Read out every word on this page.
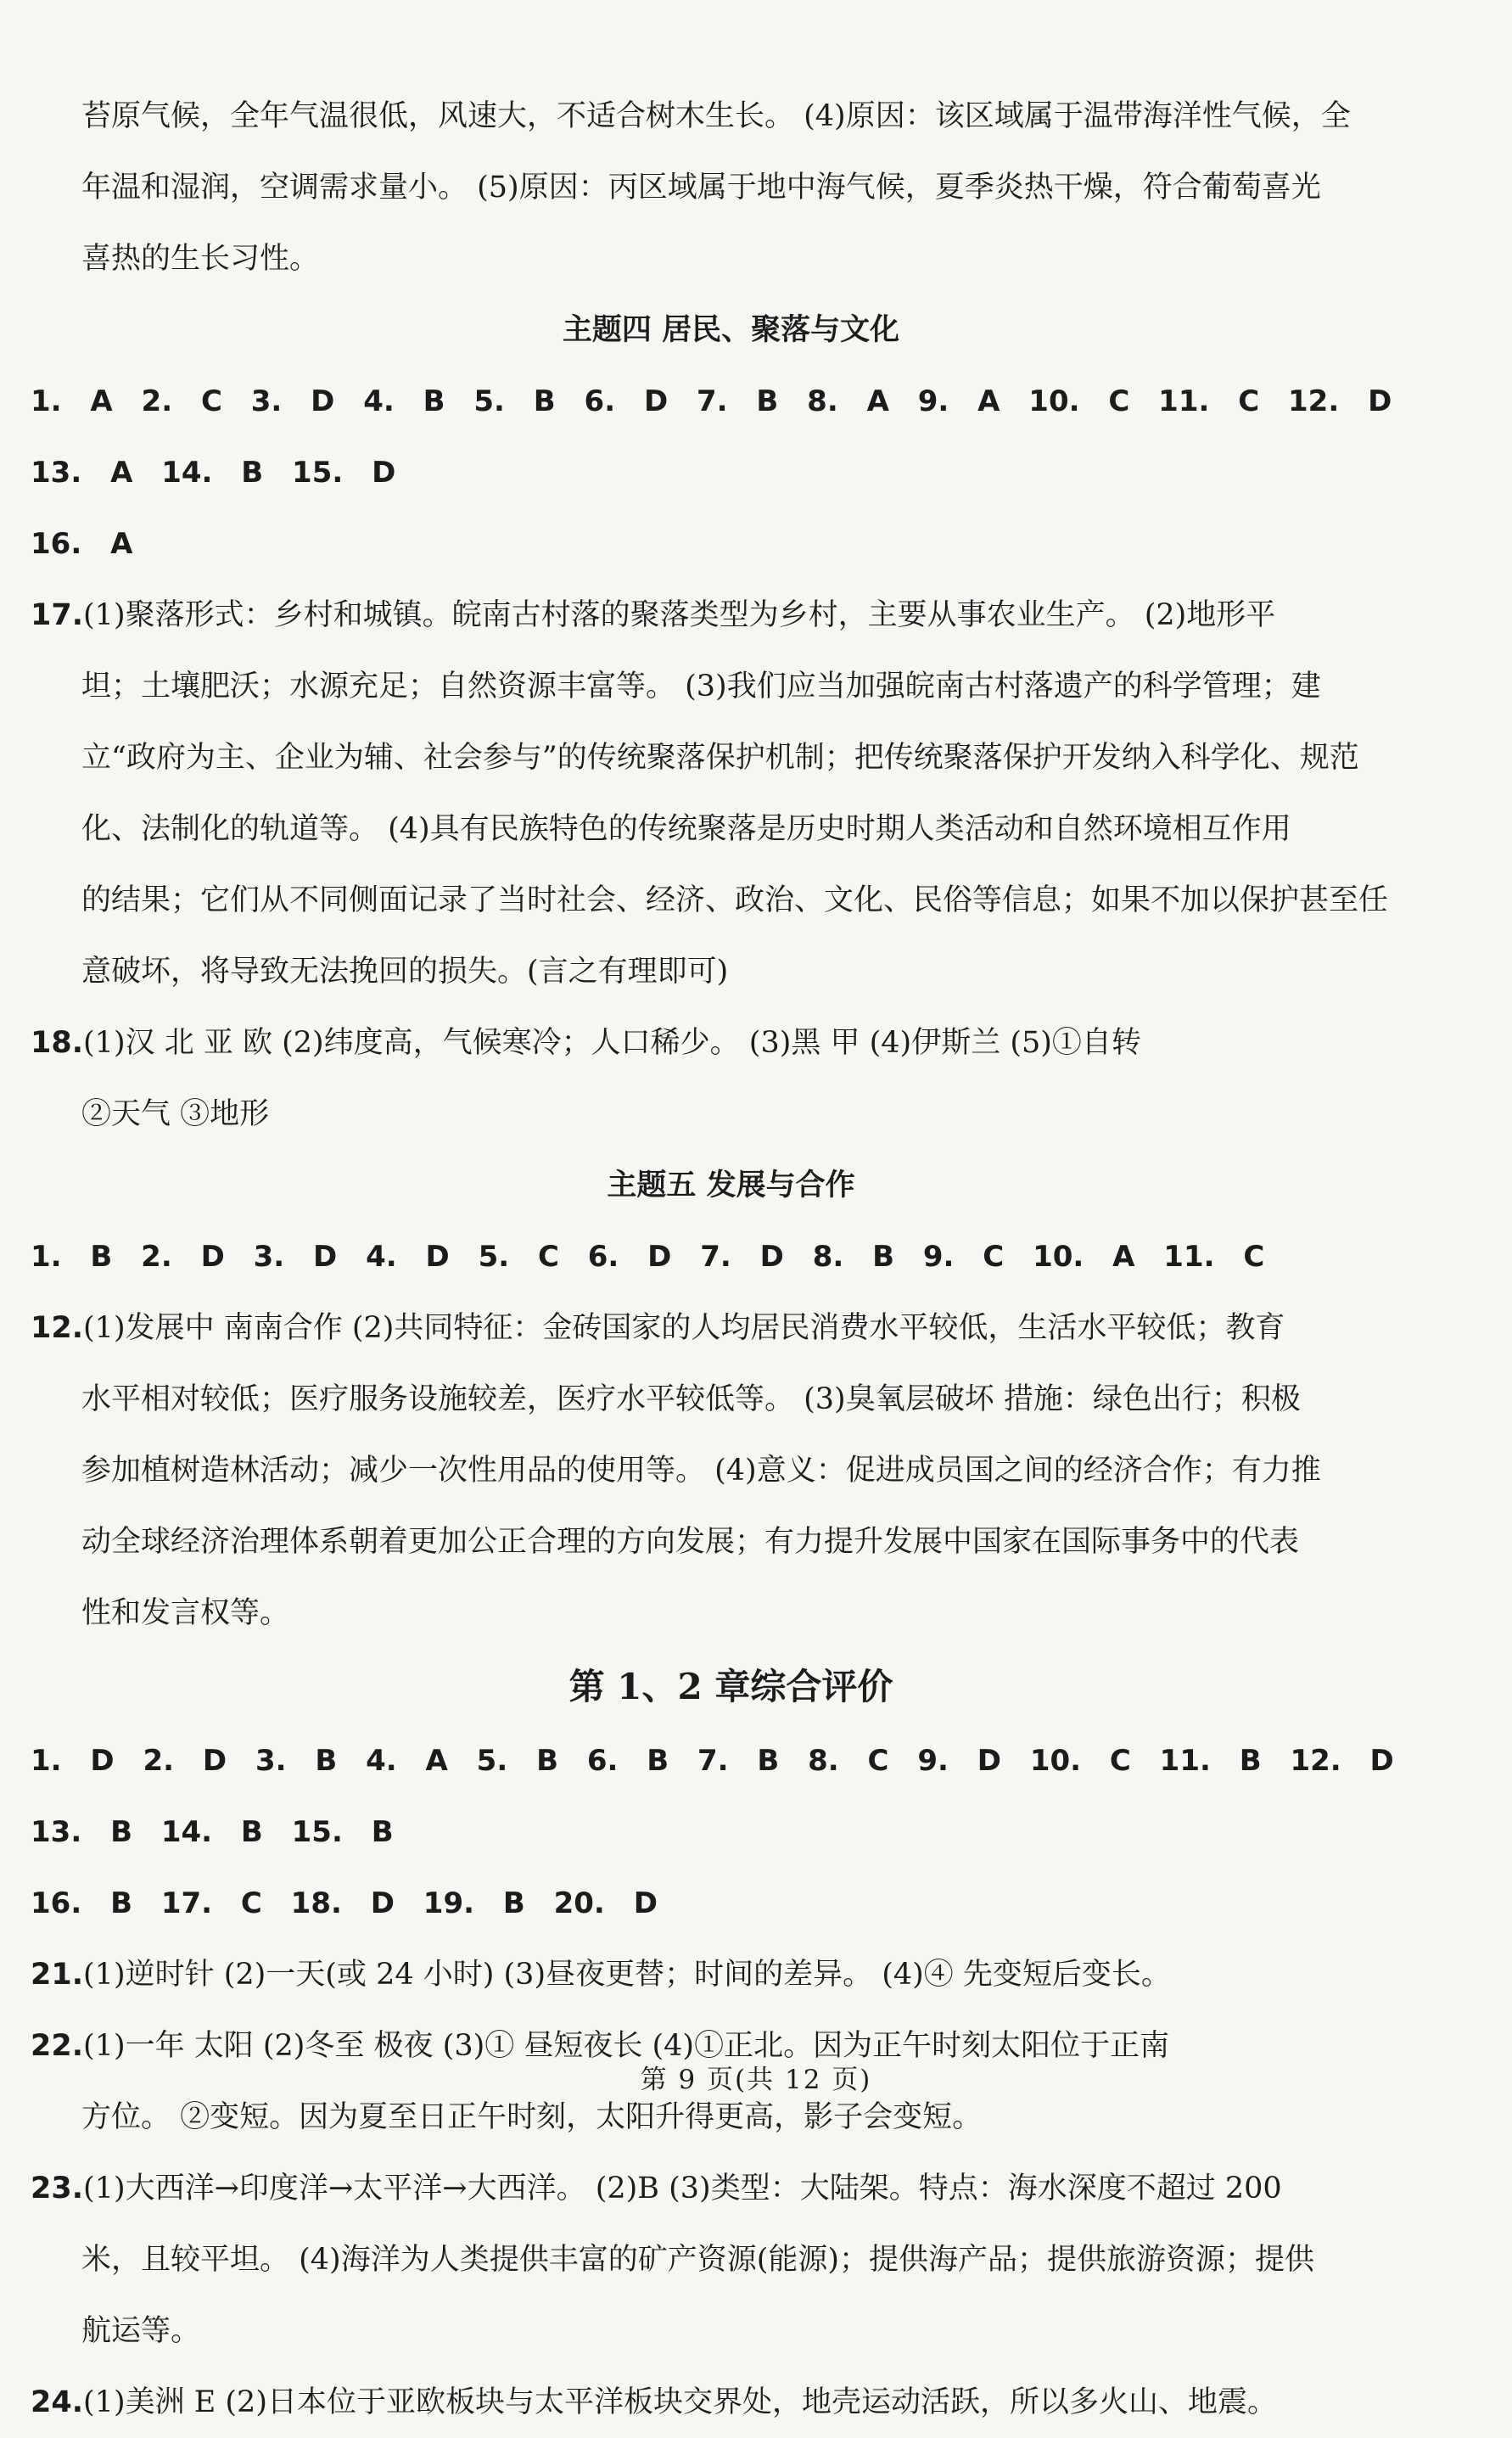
苔原气候，全年气温很低，风速大，不适合树木生长。 (4)原因：该区域属于温带海洋性气候，全

年温和湿润，空调需求量小。 (5)原因：丙区域属于地中海气候，夏季炎热干燥，符合葡萄喜光

喜热的生长习性。

主题四 居民、聚落与文化

1. A 2. C 3. D 4. B 5. B 6. D 7. B 8. A 9. A 10. C 11. C 12. D 13. A 14. B 15. D

16. A

17.(1)聚落形式：乡村和城镇。皖南古村落的聚落类型为乡村，主要从事农业生产。 (2)地形平

坦；土壤肥沃；水源充足；自然资源丰富等。 (3)我们应当加强皖南古村落遗产的科学管理；建

立“政府为主、企业为辅、社会参与”的传统聚落保护机制；把传统聚落保护开发纳入科学化、规范

化、法制化的轨道等。 (4)具有民族特色的传统聚落是历史时期人类活动和自然环境相互作用

的结果；它们从不同侧面记录了当时社会、经济、政治、文化、民俗等信息；如果不加以保护甚至任

意破坏，将导致无法挽回的损失。(言之有理即可)

18.(1)汉 北 亚 欧 (2)纬度高，气候寒冷；人口稀少。 (3)黑 甲 (4)伊斯兰 (5)①自转

②天气 ③地形

主题五 发展与合作

1. B 2. D 3. D 4. D 5. C 6. D 7. D 8. B 9. C 10. A 11. C

12.(1)发展中 南南合作 (2)共同特征：金砖国家的人均居民消费水平较低，生活水平较低；教育

水平相对较低；医疗服务设施较差，医疗水平较低等。 (3)臭氧层破坏 措施：绿色出行；积极

参加植树造林活动；减少一次性用品的使用等。 (4)意义：促进成员国之间的经济合作；有力推

动全球经济治理体系朝着更加公正合理的方向发展；有力提升发展中国家在国际事务中的代表

性和发言权等。

第 1、2 章综合评价

1. D 2. D 3. B 4. A 5. B 6. B 7. B 8. C 9. D 10. C 11. B 12. D 13. B 14. B 15. B

16. B 17. C 18. D 19. B 20. D

21.(1)逆时针 (2)一天(或 24 小时) (3)昼夜更替；时间的差异。 (4)④ 先变短后变长。

22.(1)一年 太阳 (2)冬至 极夜 (3)① 昼短夜长 (4)①正北。因为正午时刻太阳位于正南

方位。 ②变短。因为夏至日正午时刻，太阳升得更高，影子会变短。

23.(1)大西洋→印度洋→太平洋→大西洋。 (2)B (3)类型：大陆架。特点：海水深度不超过 200

米，且较平坦。 (4)海洋为人类提供丰富的矿产资源(能源)；提供海产品；提供旅游资源；提供

航运等。

24.(1)美洲 E (2)日本位于亚欧板块与太平洋板块交界处，地壳运动活跃，所以多火山、地震。

第 9 页(共 12 页)
